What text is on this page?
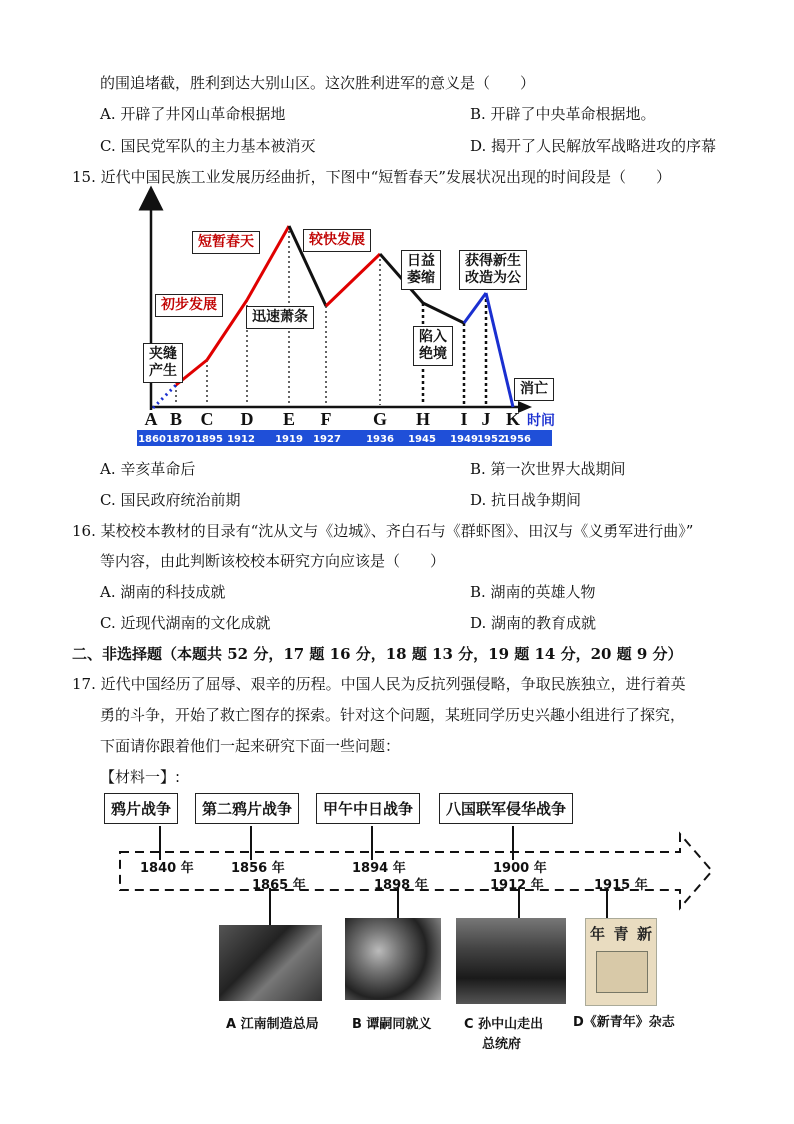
的围追堵截，胜利到达大别山区。这次胜利进军的意义是（　　）
A. 开辟了井冈山革命根据地	B. 开辟了中央革命根据地。
C. 国民党军队的主力基本被消灭	D. 揭开了人民解放军战略进攻的序幕
15. 近代中国民族工业发展历经曲折，下图中“短暂春天”发展状况出现的时间段是（　　）
A B C D E F G H I J K 时间
1860 1870 1895 1912 1919 1927	1936 1945 1949 1952
1956
夹缝
产生
初步发展
短暂春天
迅速萧条
较快发展
日益
萎缩
陷入
绝境
获得新生
改造为公
消亡
A. 辛亥革命后	B. 第一次世界大战期间
C. 国民政府统治前期	D. 抗日战争期间
16. 某校校本教材的目录有“沈从文与《边城》、齐白石与《群虾图》、田汉与《义勇军进行曲》”
等内容，由此判断该校校本研究方向应该是（　　）
A. 湖南的科技成就	B. 湖南的英雄人物
C. 近现代湖南的文化成就	D. 湖南的教育成就
二、非选择题（本题共 52 分，17 题 16 分，18 题 13 分，19 题 14 分，20 题 9 分）
17. 近代中国经历了屈辱、艰辛的历程。中国人民为反抗列强侵略，争取民族独立，进行着英
勇的斗争，开始了救亡图存的探索。针对这个问题，某班同学历史兴趣小组进行了探究，
下面请你跟着他们一起来研究下面一些问题：
【材料一】:
鸦片战争	第二鸦片战争	甲午中日战争	八国联军侵华战争
1840 年	1856 年	1894 年	1900 年
1865 年	1898 年	1912 年	1915 年
年 青 新
A 江南制造总局	B 谭嗣同就义	C 孙中山走出
总统府
D《新青年》杂志
